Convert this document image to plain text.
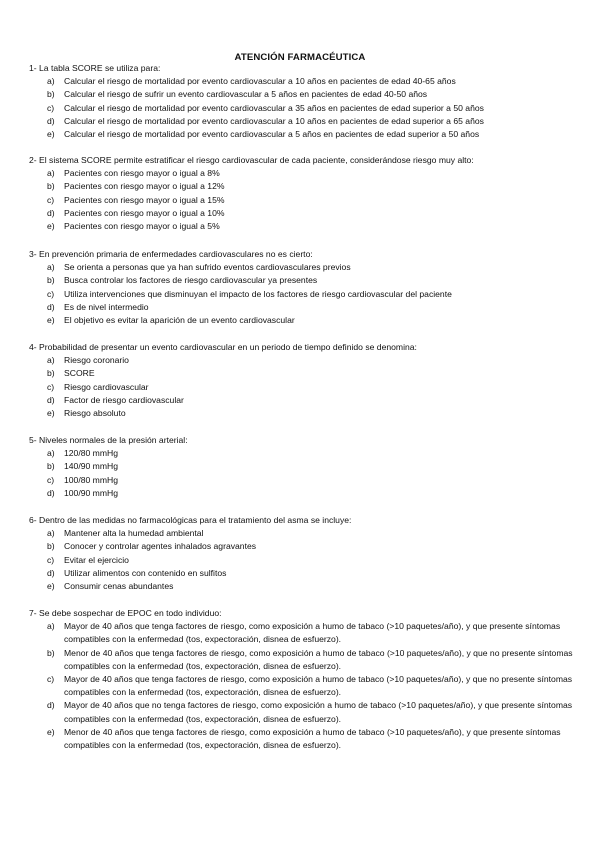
ATENCIÓN FARMACÉUTICA
1- La tabla SCORE se utiliza para:
a) Calcular el riesgo de mortalidad por evento cardiovascular a 10 años en pacientes de edad 40-65 años
b) Calcular el riesgo de sufrir un evento cardiovascular a 5 años en pacientes de edad 40-50 años
c) Calcular el riesgo de mortalidad por evento cardiovascular a 35 años en pacientes de edad superior a 50 años
d) Calcular el riesgo de mortalidad por evento cardiovascular a 10 años en pacientes de edad superior a 65 años
e) Calcular el riesgo de mortalidad por evento cardiovascular a 5 años en pacientes de edad superior a 50 años
2- El sistema SCORE permite estratificar el riesgo cardiovascular de cada paciente, considerándose riesgo muy alto:
a) Pacientes con riesgo mayor o igual a 8%
b) Pacientes con riesgo mayor o igual a 12%
c) Pacientes con riesgo mayor o igual a 15%
d) Pacientes con riesgo mayor o igual a 10%
e) Pacientes con riesgo mayor o igual a 5%
3- En prevención primaria de enfermedades cardiovasculares no es cierto:
a) Se orienta a personas que ya han sufrido eventos cardiovasculares previos
b) Busca controlar los factores de riesgo cardiovascular ya presentes
c) Utiliza intervenciones que disminuyan el impacto de los factores de riesgo cardiovascular del paciente
d) Es de nivel intermedio
e) El objetivo es evitar la aparición de un evento cardiovascular
4- Probabilidad de presentar un evento cardiovascular en un periodo de tiempo definido se denomina:
a) Riesgo coronario
b) SCORE
c) Riesgo cardiovascular
d) Factor de riesgo cardiovascular
e) Riesgo absoluto
5- Niveles normales de la presión arterial:
a) 120/80 mmHg
b) 140/90 mmHg
c) 100/80 mmHg
d) 100/90 mmHg
6- Dentro de las medidas no farmacológicas para el tratamiento del asma se incluye:
a) Mantener alta la humedad ambiental
b) Conocer y controlar agentes inhalados agravantes
c) Evitar el ejercicio
d) Utilizar alimentos con contenido en sulfitos
e) Consumir cenas abundantes
7- Se debe sospechar de EPOC en todo individuo:
a) Mayor de 40 años que tenga factores de riesgo, como exposición a humo de tabaco (>10 paquetes/año), y que presente síntomas compatibles con la enfermedad (tos, expectoración, disnea de esfuerzo).
b) Menor de 40 años que tenga factores de riesgo, como exposición a humo de tabaco (>10 paquetes/año), y que no presente síntomas compatibles con la enfermedad (tos, expectoración, disnea de esfuerzo).
c) Mayor de 40 años que tenga factores de riesgo, como exposición a humo de tabaco (>10 paquetes/año), y que no presente síntomas compatibles con la enfermedad (tos, expectoración, disnea de esfuerzo).
d) Mayor de 40 años que no tenga factores de riesgo, como exposición a humo de tabaco (>10 paquetes/año), y que presente síntomas compatibles con la enfermedad (tos, expectoración, disnea de esfuerzo).
e) Menor de 40 años que tenga factores de riesgo, como exposición a humo de tabaco (>10 paquetes/año), y que presente síntomas compatibles con la enfermedad (tos, expectoración, disnea de esfuerzo).
